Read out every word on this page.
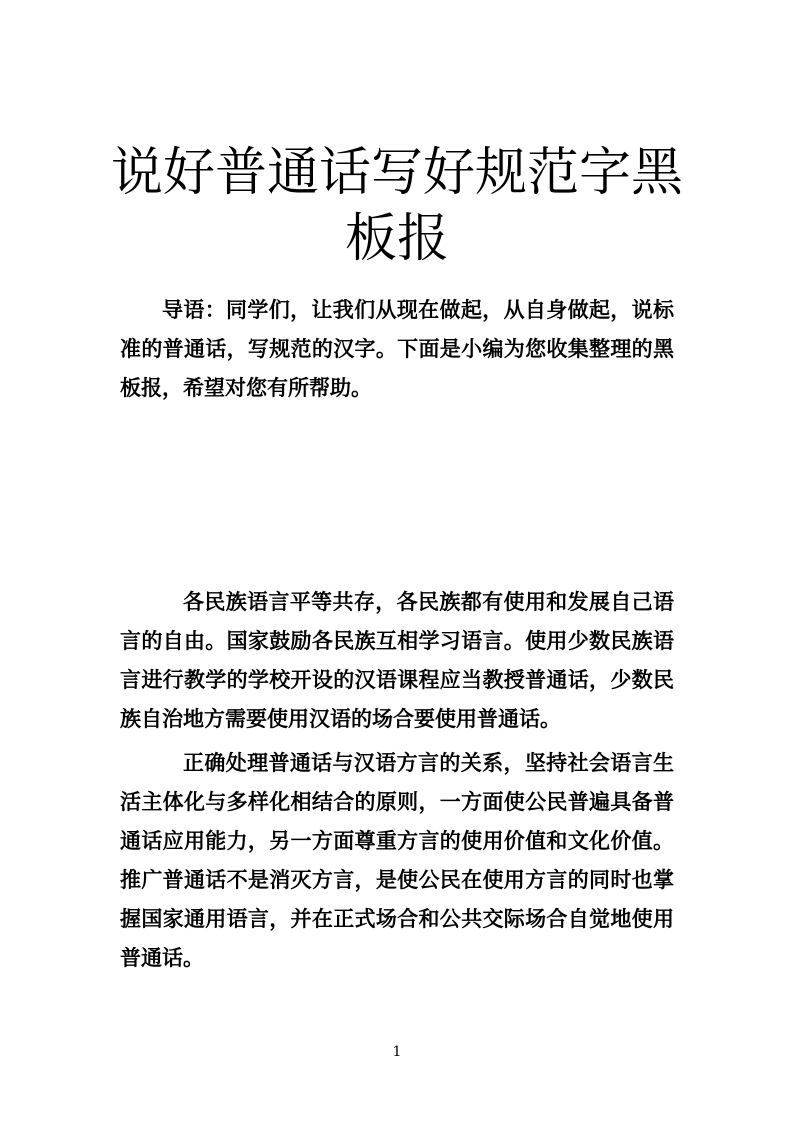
说好普通话写好规范字黑板报

导语：同学们，让我们从现在做起，从自身做起，说标准的普通话，写规范的汉字。下面是小编为您收集整理的黑板报，希望对您有所帮助。

各民族语言平等共存，各民族都有使用和发展自己语言的自由。国家鼓励各民族互相学习语言。使用少数民族语言进行教学的学校开设的汉语课程应当教授普通话，少数民族自治地方需要使用汉语的场合要使用普通话。

正确处理普通话与汉语方言的关系，坚持社会语言生活主体化与多样化相结合的原则，一方面使公民普遍具备普通话应用能力，另一方面尊重方言的使用价值和文化价值。推广普通话不是消灭方言，是使公民在使用方言的同时也掌握国家通用语言，并在正式场合和公共交际场合自觉地使用普通话。

1
